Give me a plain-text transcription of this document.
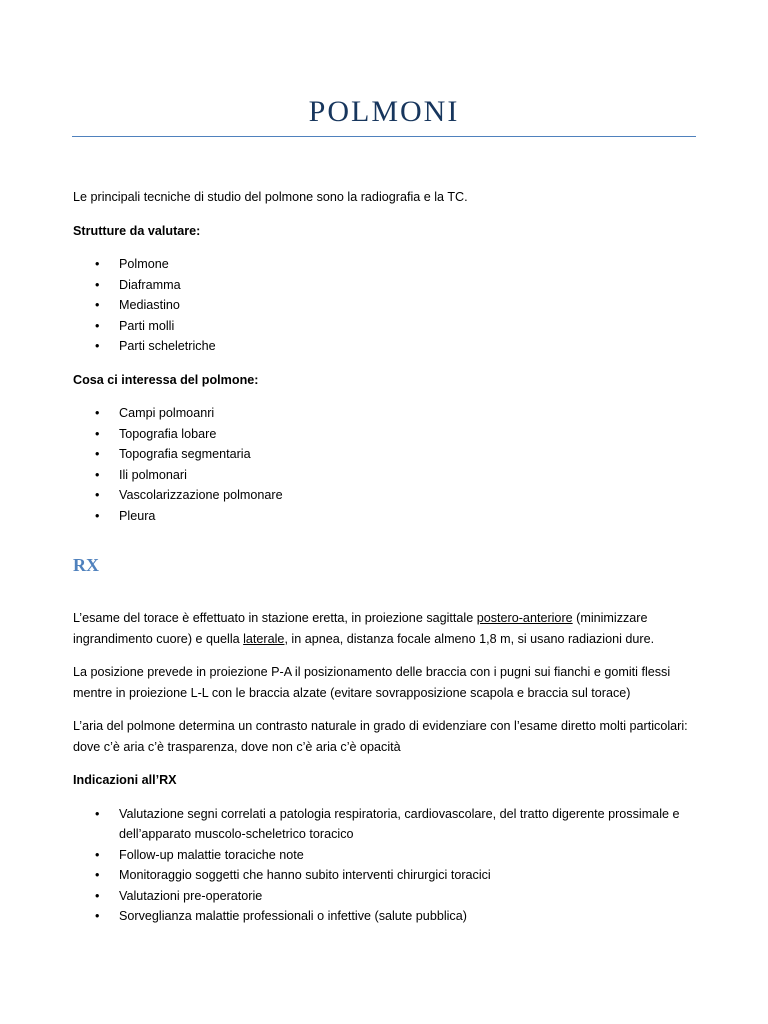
POLMONI

Le principali tecniche di studio del polmone sono la radiografia e la TC.

Strutture da valutare:

• Polmone
• Diaframma
• Mediastino
• Parti molli
• Parti scheletriche

Cosa ci interessa del polmone:

• Campi polmoanri
• Topografia lobare
• Topografia segmentaria
• Ili polmonari
• Vascolarizzazione polmonare
• Pleura

RX

L’esame del torace è effettuato in stazione eretta, in proiezione sagittale postero-anteriore (minimizzare ingrandimento cuore) e quella laterale, in apnea, distanza focale almeno 1,8 m, si usano radiazioni dure.

La posizione prevede in proiezione P-A il posizionamento delle braccia con i pugni sui fianchi e gomiti flessi mentre in proiezione L-L con le braccia alzate (evitare sovrapposizione scapola e braccia sul torace)

L’aria del polmone determina un contrasto naturale in grado di evidenziare con l’esame diretto molti particolari: dove c’è aria c’è trasparenza, dove non c’è aria c’è opacità

Indicazioni all’RX

• Valutazione segni correlati a patologia respiratoria, cardiovascolare, del tratto digerente prossimale e dell’apparato muscolo-scheletrico toracico
• Follow-up malattie toraciche note
• Monitoraggio soggetti che hanno subito interventi chirurgici toracici
• Valutazioni pre-operatorie
• Sorveglianza malattie professionali o infettive (salute pubblica)
